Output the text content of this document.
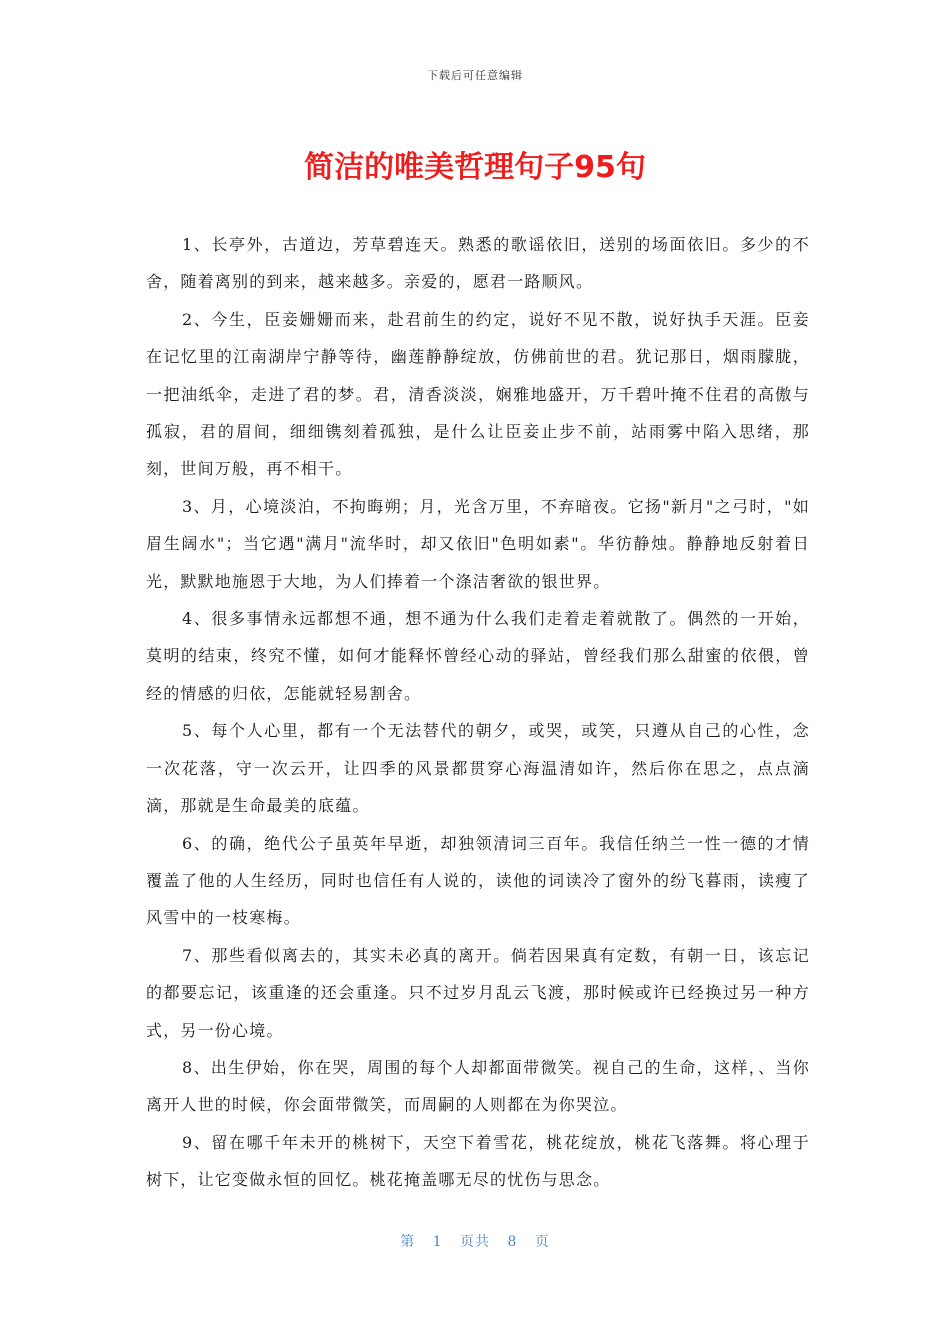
下载后可任意编辑
简洁的唯美哲理句子95句

1、长亭外，古道边，芳草碧连天。熟悉的歌谣依旧，送别的场面依旧。多少的不舍，随着离别的到来，越来越多。亲爱的，愿君一路顺风。

2、今生，臣妾姗姗而来，赴君前生的约定，说好不见不散，说好执手天涯。臣妾在记忆里的江南湖岸宁静等待，幽莲静静绽放，仿佛前世的君。犹记那日，烟雨朦胧，一把油纸伞，走进了君的梦。君，清香淡淡，娴雅地盛开，万千碧叶掩不住君的高傲与孤寂，君的眉间，细细镌刻着孤独，是什么让臣妾止步不前，站雨雾中陷入思绪，那刻，世间万般，再不相干。

3、月，心境淡泊，不拘晦朔；月，光含万里，不弃暗夜。它扬"新月"之弓时，"如眉生阔水"；当它遇"满月"流华时，却又依旧"色明如素"。华彷静烛。静静地反射着日光，默默地施恩于大地，为人们捧着一个涤洁奢欲的银世界。

4、很多事情永远都想不通，想不通为什么我们走着走着就散了。偶然的一开始，莫明的结束，终究不懂，如何才能释怀曾经心动的驿站，曾经我们那么甜蜜的依偎，曾经的情感的归依，怎能就轻易割舍。

5、每个人心里，都有一个无法替代的朝夕，或哭，或笑，只遵从自己的心性，念一次花落，守一次云开，让四季的风景都贯穿心海温清如许，然后你在思之，点点滴滴，那就是生命最美的底蕴。

6、的确，绝代公子虽英年早逝，却独领清词三百年。我信任纳兰一性一德的才情覆盖了他的人生经历，同时也信任有人说的，读他的词读冷了窗外的纷飞暮雨，读瘦了风雪中的一枝寒梅。

7、那些看似离去的，其实未必真的离开。倘若因果真有定数，有朝一日，该忘记的都要忘记，该重逢的还会重逢。只不过岁月乱云飞渡，那时候或许已经换过另一种方式，另一份心境。

8、出生伊始，你在哭，周围的每个人却都面带微笑。视自己的生命，这样，、当你离开人世的时候，你会面带微笑，而周嗣的人则都在为你哭泣。

9、留在哪千年未开的桃树下，天空下着雪花，桃花绽放，桃花飞落舞。将心理于树下，让它变做永恒的回忆。桃花掩盖哪无尽的忧伤与思念。

第 1 页共 8 页
